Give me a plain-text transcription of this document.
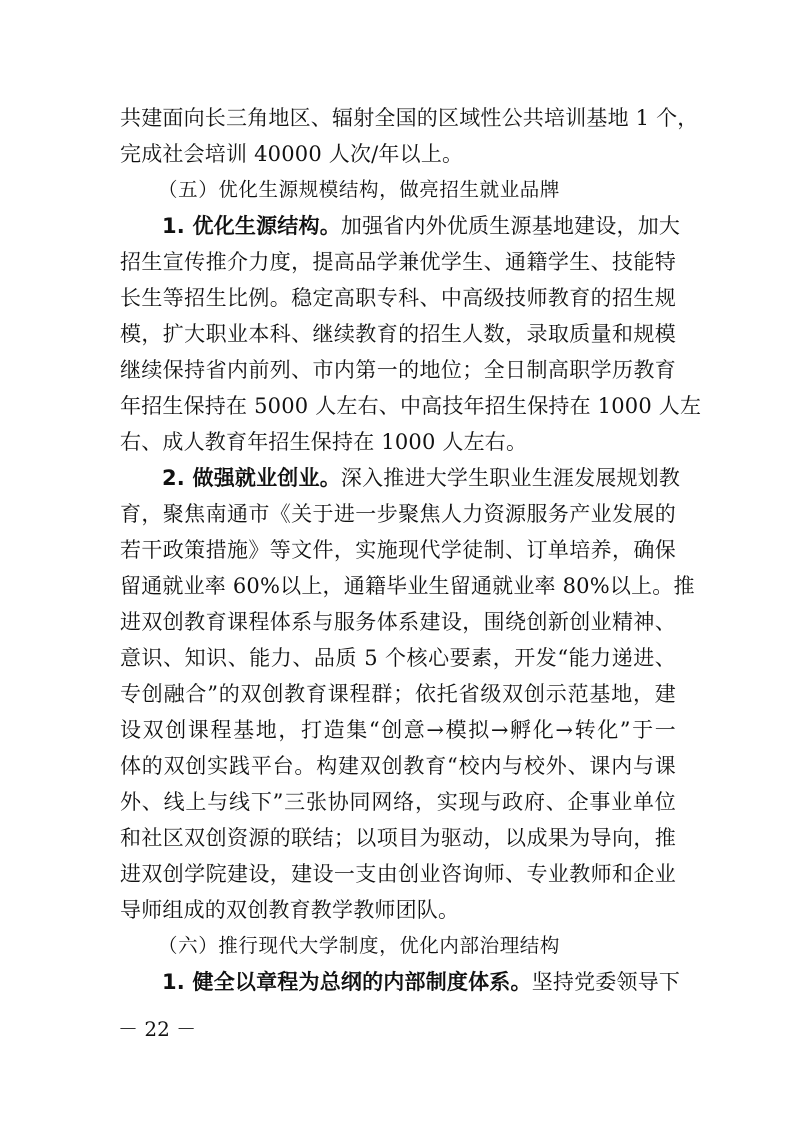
共建面向长三角地区、辐射全国的区域性公共培训基地 1 个，
完成社会培训 40000 人次/年以上。
（五）优化生源规模结构，做亮招生就业品牌
1. 优化生源结构。加强省内外优质生源基地建设，加大
招生宣传推介力度，提高品学兼优学生、通籍学生、技能特
长生等招生比例。稳定高职专科、中高级技师教育的招生规
模，扩大职业本科、继续教育的招生人数，录取质量和规模
继续保持省内前列、市内第一的地位；全日制高职学历教育
年招生保持在 5000 人左右、中高技年招生保持在 1000 人左
右、成人教育年招生保持在 1000 人左右。
2. 做强就业创业。深入推进大学生职业生涯发展规划教
育，聚焦南通市《关于进一步聚焦人力资源服务产业发展的
若干政策措施》等文件，实施现代学徒制、订单培养，确保
留通就业率 60%以上，通籍毕业生留通就业率 80%以上。推
进双创教育课程体系与服务体系建设，围绕创新创业精神、
意识、知识、能力、品质 5 个核心要素，开发“能力递进、
专创融合”的双创教育课程群；依托省级双创示范基地，建
设双创课程基地，打造集“创意→模拟→孵化→转化”于一
体的双创实践平台。构建双创教育“校内与校外、课内与课
外、线上与线下”三张协同网络，实现与政府、企事业单位
和社区双创资源的联结；以项目为驱动，以成果为导向，推
进双创学院建设，建设一支由创业咨询师、专业教师和企业
导师组成的双创教育教学教师团队。
（六）推行现代大学制度，优化内部治理结构
1. 健全以章程为总纲的内部制度体系。坚持党委领导下
－ 22 －
